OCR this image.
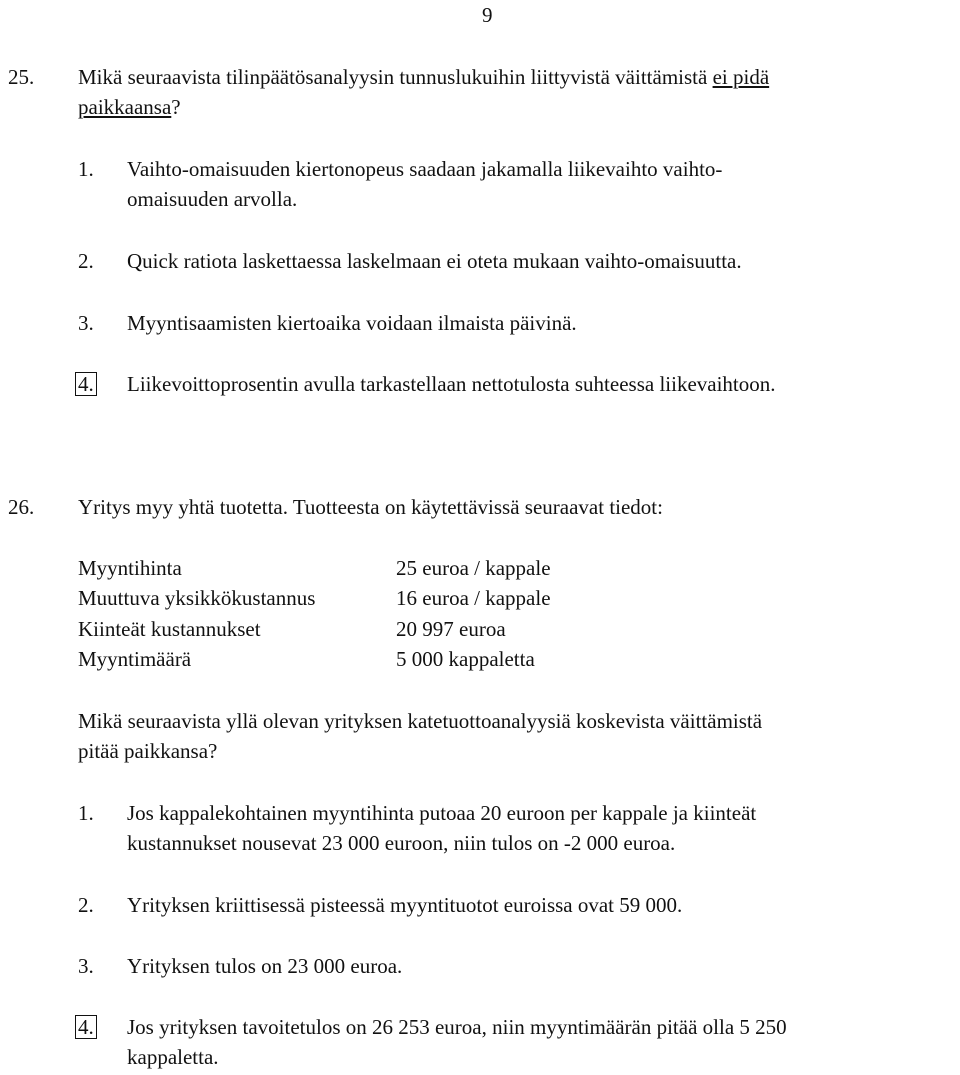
9
25. Mikä seuraavista tilinpäätösanalyysin tunnuslukuihin liittyvistä väittämistä ei pidä
paikkaansa?
1. Vaihto-omaisuuden kiertonopeus saadaan jakamalla liikevaihto vaihto-
omaisuuden arvolla.
2. Quick ratiota laskettaessa laskelmaan ei oteta mukaan vaihto-omaisuutta.
3. Myyntisaamisten kiertoaika voidaan ilmaista päivinä.
4. Liikevoittoprosentin avulla tarkastellaan nettotulosta suhteessa liikevaihtoon.
26. Yritys myy yhtä tuotetta. Tuotteesta on käytettävissä seuraavat tiedot:
Myyntihinta	25 euroa / kappale
Muuttuva yksikkökustannus	16 euroa / kappale
Kiinteät kustannukset	20 997 euroa
Myyntimäärä	5 000 kappaletta
Mikä seuraavista yllä olevan yrityksen katetuottoanalyysiä koskevista väittämistä
pitää paikkansa?
1. Jos kappalekohtainen myyntihinta putoaa 20 euroon per kappale ja kiinteät
kustannukset nousevat 23 000 euroon, niin tulos on -2 000 euroa.
2. Yrityksen kriittisessä pisteessä myyntituotot euroissa ovat 59 000.
3. Yrityksen tulos on 23 000 euroa.
4. Jos yrityksen tavoitetulos on 26 253 euroa, niin myyntimäärän pitää olla 5 250
kappaletta.
